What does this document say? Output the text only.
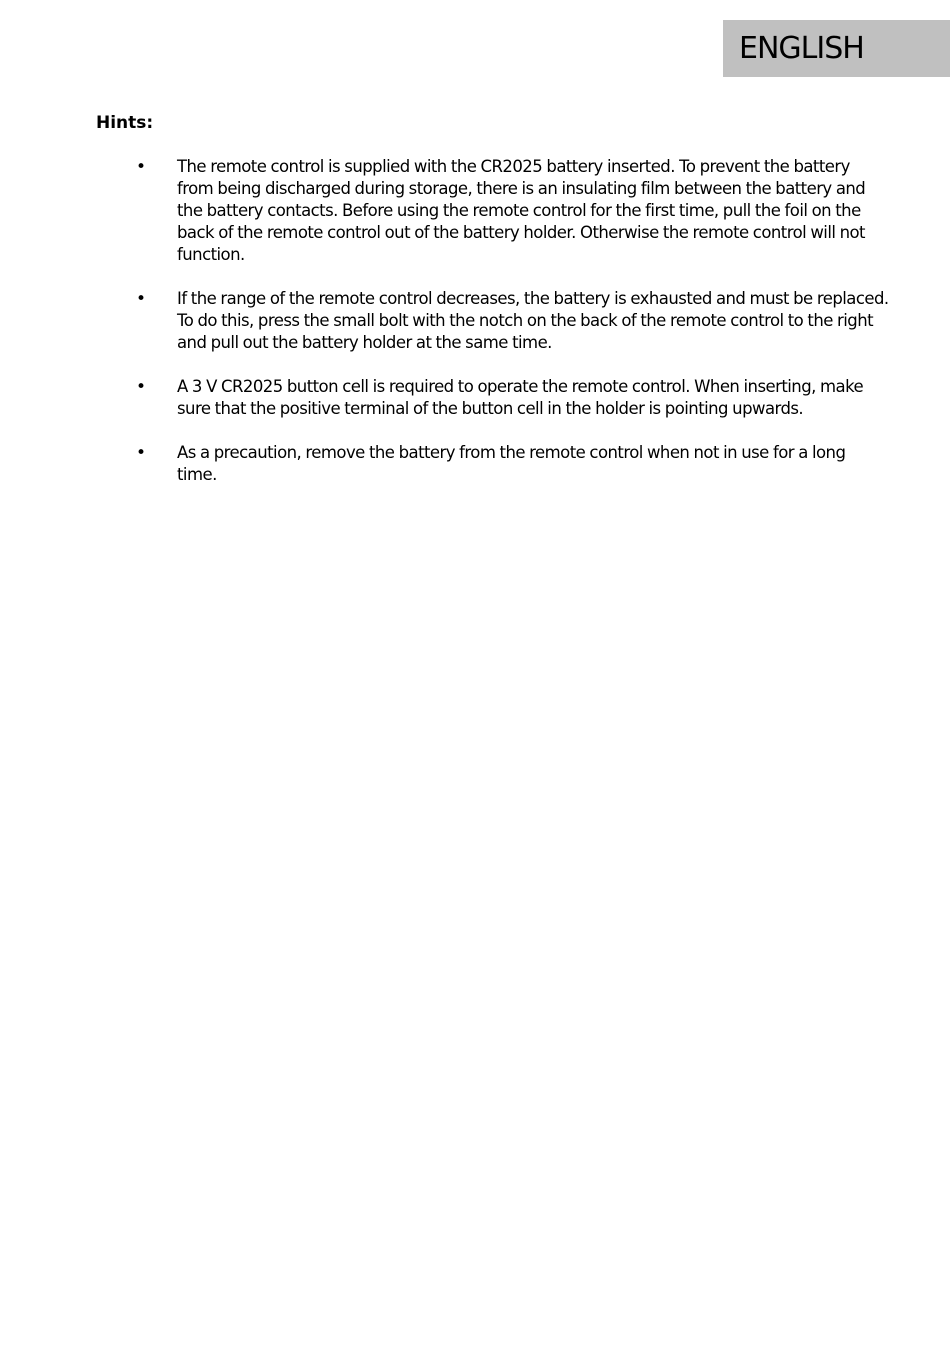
ENGLISH
Hints:
• The remote control is supplied with the CR2025 battery inserted. To prevent the battery from being discharged during storage, there is an insulating film between the battery and the battery contacts. Before using the remote control for the first time, pull the foil on the back of the remote control out of the battery holder. Otherwise the remote control will not function.
• If the range of the remote control decreases, the battery is exhausted and must be replaced. To do this, press the small bolt with the notch on the back of the remote control to the right and pull out the battery holder at the same time.
• A 3 V CR2025 button cell is required to operate the remote control. When inserting, make sure that the positive terminal of the button cell in the holder is pointing upwards.
• As a precaution, remove the battery from the remote control when not in use for a long time.
